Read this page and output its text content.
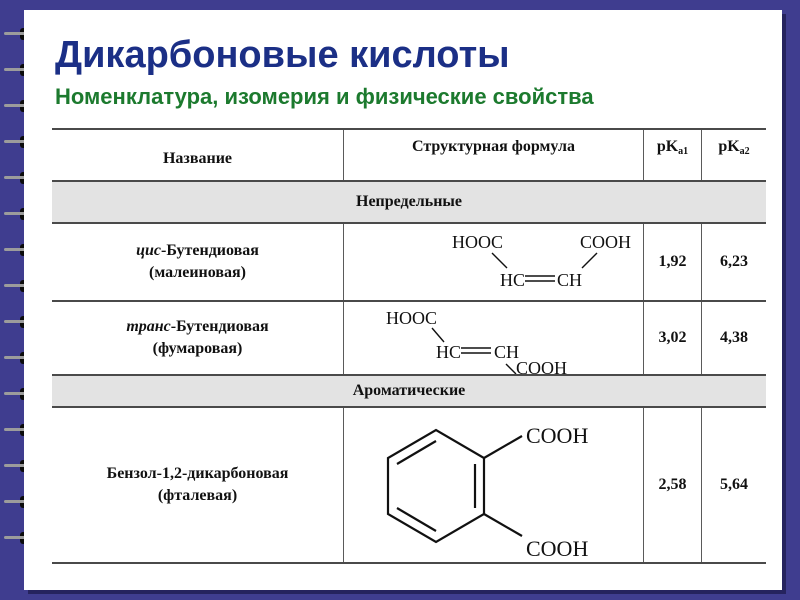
Дикарбоновые кислоты
Номенклатура, изомерия и физические свойства
Название
Структурная формула	$pK_{a1}$ $pK_{a2}$
Непредельные
цис-Бутендиовая
(малеиновая)
HOOC	COOH
HC CH
1,92 6,23
транс-Бутендиовая
(фумаровая)
HOOC
HC CH
COOH
3,02 4,38
Ароматические
Бензол-1,2-дикарбоновая
(фталевая)
COOH
COOH
2,58 5,64
